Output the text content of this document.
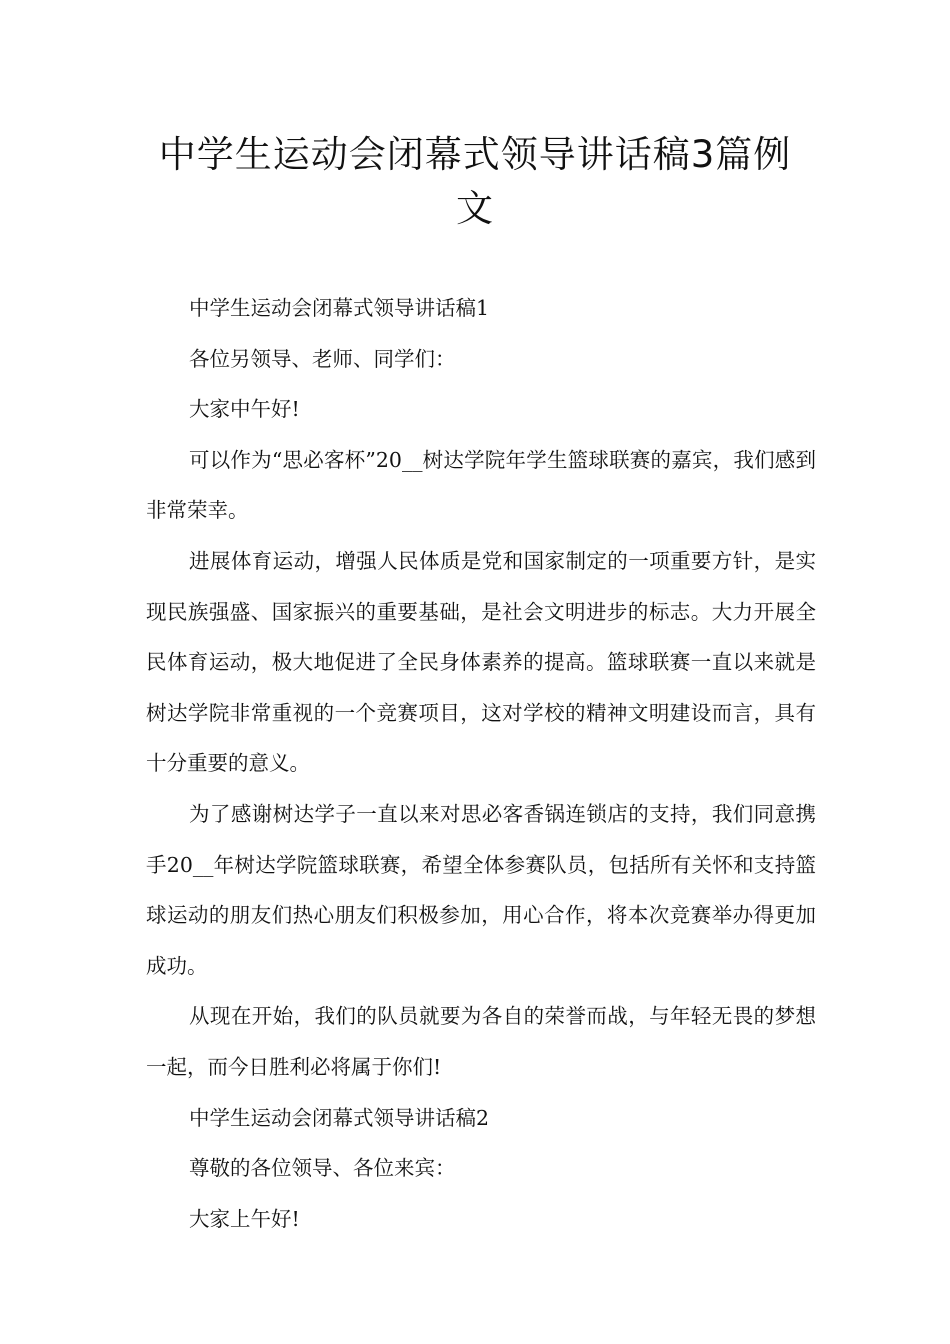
中学生运动会闭幕式领导讲话稿3篇例
文

中学生运动会闭幕式领导讲话稿1

各位另领导、老师、同学们：

大家中午好!

可以作为“思必客杯”20__树达学院年学生篮球联赛的嘉宾，我们感到非常荣幸。

进展体育运动，增强人民体质是党和国家制定的一项重要方针，是实现民族强盛、国家振兴的重要基础，是社会文明进步的标志。大力开展全民体育运动，极大地促进了全民身体素养的提高。篮球联赛一直以来就是树达学院非常重视的一个竞赛项目，这对学校的精神文明建设而言，具有十分重要的意义。

为了感谢树达学子一直以来对思必客香锅连锁店的支持，我们同意携手20__年树达学院篮球联赛，希望全体参赛队员，包括所有关怀和支持篮球运动的朋友们热心朋友们积极参加，用心合作，将本次竞赛举办得更加成功。

从现在开始，我们的队员就要为各自的荣誉而战，与年轻无畏的梦想一起，而今日胜利必将属于你们!

中学生运动会闭幕式领导讲话稿2

尊敬的各位领导、各位来宾：

大家上午好!
